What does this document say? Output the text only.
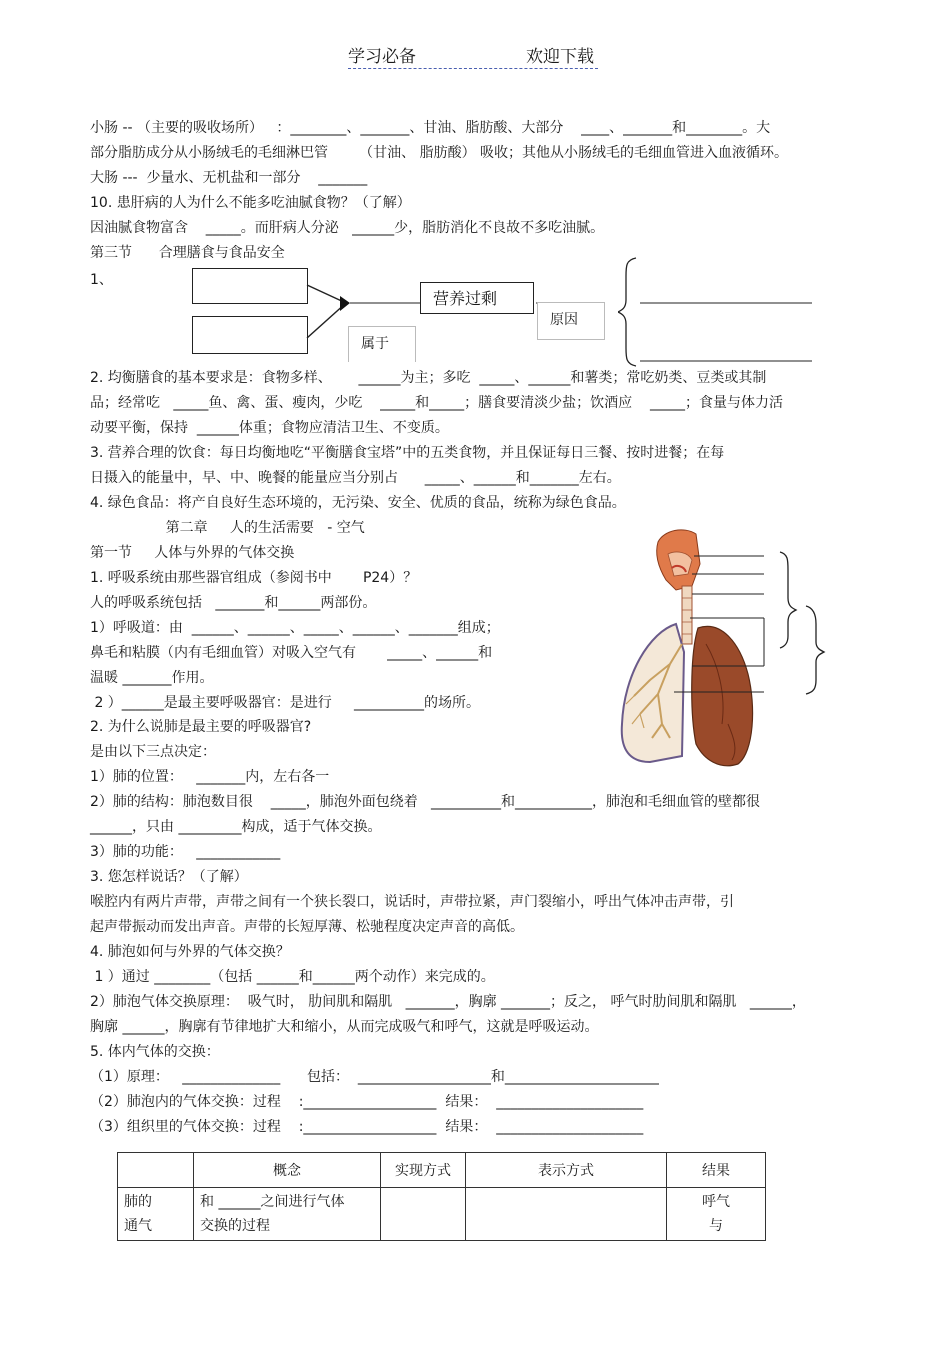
学习必备	欢迎下载
小肠 -- （主要的吸收场所）   ：________、_______、甘油、脂肪酸、大部分    ____、_______和________。大
部分脂肪成分从小肠绒毛的毛细淋巴管       （甘油、 脂肪酸） 吸收；其他从小肠绒毛的毛细血管进入血液循环。
大肠 ---  少量水、无机盐和一部分    _______
10. 患肝病的人为什么不能多吃油腻食物？（了解）
因油腻食物富含    _____。而肝病人分泌   ______少，脂肪消化不良故不多吃油腻。
第三节      合理膳食与食品安全
1、
营养过剩
原因
属于
2. 均衡膳食的基本要求是：食物多样、      ______为主；多吃  _____、______和薯类；常吃奶类、豆类或其制
品；经常吃   _____鱼、禽、蛋、瘦肉，少吃    _____和_____；膳食要清淡少盐；饮酒应    _____；食量与体力活
动要平衡，保持  ______体重；食物应清洁卫生、不变质。
3. 营养合理的饮食：每日均衡地吃“平衡膳食宝塔”中的五类食物，并且保证每日三餐、按时进餐；在每
日摄入的能量中，早、中、晚餐的能量应当分别占      _____、______和_______左右。
4. 绿色食品：将产自良好生态环境的，无污染、安全、优质的食品，统称为绿色食品。
第二章     人的生活需要   - 空气
第一节     人体与外界的气体交换
1. 呼吸系统由那些器官组成（参阅书中       P24）？
人的呼吸系统包括   _______和______两部份。
1）呼吸道：由  ______、______、_____、______、_______组成；
鼻毛和粘膜（内有毛细血管）对吸入空气有       _____、______和
温暖 _______作用。
2 ）______是最主要呼吸器官：是进行     __________的场所。
2. 为什么说肺是最主要的呼吸器官?
是由以下三点决定：
1）肺的位置：   _______内，左右各一
2）肺的结构：肺泡数目很    _____，肺泡外面包绕着   __________和___________，肺泡和毛细血管的壁都很
______，只由 _________构成，适于气体交换。
3）肺的功能：   ____________
3. 您怎样说话？（了解）
喉腔内有两片声带，声带之间有一个狭长裂口，说话时，声带拉紧，声门裂缩小，呼出气体冲击声带，引
起声带振动而发出声音。声带的长短厚薄、松驰程度决定声音的高低。
4. 肺泡如何与外界的气体交换？
1 ）通过 ________（包括 ______和______两个动作）来完成的。
2）肺泡气体交换原理：  吸气时， 肋间肌和隔肌   _______，胸廓 _______；反之， 呼气时肋间肌和隔肌   ______，
胸廓 ______，胸廓有节律地扩大和缩小，从而完成吸气和呼气，这就是呼吸运动。
5. 体内气体的交换：
（1）原理：   ______________      包括：  ___________________和______________________
（2）肺泡内的气体交换：过程    :___________________  结果：  _____________________
（3）组织里的气体交换：过程    :___________________  结果：  _____________________
	概念	实现方式	表示方式	结果
肺的
通气	和 ______之间进行气体
交换的过程			呼气
与
